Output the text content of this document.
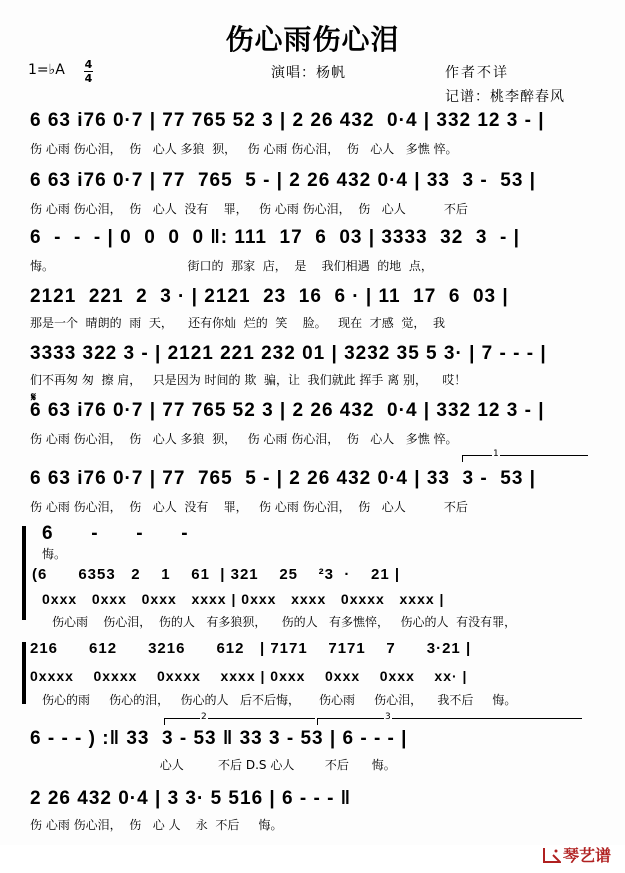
伤心雨伤心泪
1=♭A 4
4	演唱：杨帆	作者不详
记谱：桃李醉春风
6 63 i76 0·7 | 77 765 52 3 | 2 26 432  0·4 | 332 12 3 - |
伤 心雨 伤心泪，  伤   心人 多狼  狈，   伤 心雨 伤心泪，  伤   心人   多憔 悴。
6 63 i76 0·7 | 77  765  5 - | 2 26 432 0·4 | 33  3 -  53 |
伤 心雨 伤心泪，  伤   心人  没有    罪，   伤 心雨 伤心泪，  伤   心人          不后
6  -  -  - | 0  0  0  0 ‖: 111  17  6  03 | 3333  32  3  - |
悔。                                   街口的  那家  店，  是    我们相遇  的地  点，
2121  221  2  3 · | 2121  23  16  6 · | 11  17  6  03 |
那是一个  晴朗的  雨  天，    还有你灿  烂的  笑    脸。   现在  才感  觉，  我
3333 322 3 - | 2121 221 232 01 | 3232 35 5 3· | 7 - - - |
们不再匆 匆  擦 肩，   只是因为 时间的 欺  骗，让  我们就此 挥手 离 别，    哎！
𝄋
6 63 i76 0·7 | 77 765 52 3 | 2 26 432  0·4 | 332 12 3 - |
伤 心雨 伤心泪，  伤   心人 多狼  狈，   伤 心雨 伤心泪，  伤   心人   多憔 悴。
1
6 63 i76 0·7 | 77  765  5 - | 2 26 432 0·4 | 33  3 -  53 |
伤 心雨 伤心泪，  伤   心人  没有    罪，   伤 心雨 伤心泪，  伤   心人          不后
6      -      -      -
悔。
(6      6353   2    1    61  | 321    25    ²3  ·    21 |
0xxx   0xxx   0xxx   xxxx | 0xxx   xxxx   0xxxx   xxxx |
伤心雨    伤心泪，  伤的人   有多狼狈，    伤的人   有多憔悴，   伤心的人  有没有罪，
216      612      3216      612   | 7171    7171    7      3·21 |
0xxxx    0xxxx    0xxxx    xxxx | 0xxx    0xxx    0xxx    xx· |
伤心的雨     伤心的泪，   伤心的人   后不后悔，     伤心雨     伤心泪，    我不后     悔。
2	3
6 - - - ) :‖ 33  3 - 53 ‖ 33 3 - 53 | 6 - - - |
心人         不后 D.S 心人        不后      悔。
2 26 432 0·4 | 3 3· 5 516 | 6 - - - ‖
伤 心雨 伤心泪，  伤   心 人    永  不后     悔。
琴艺谱
